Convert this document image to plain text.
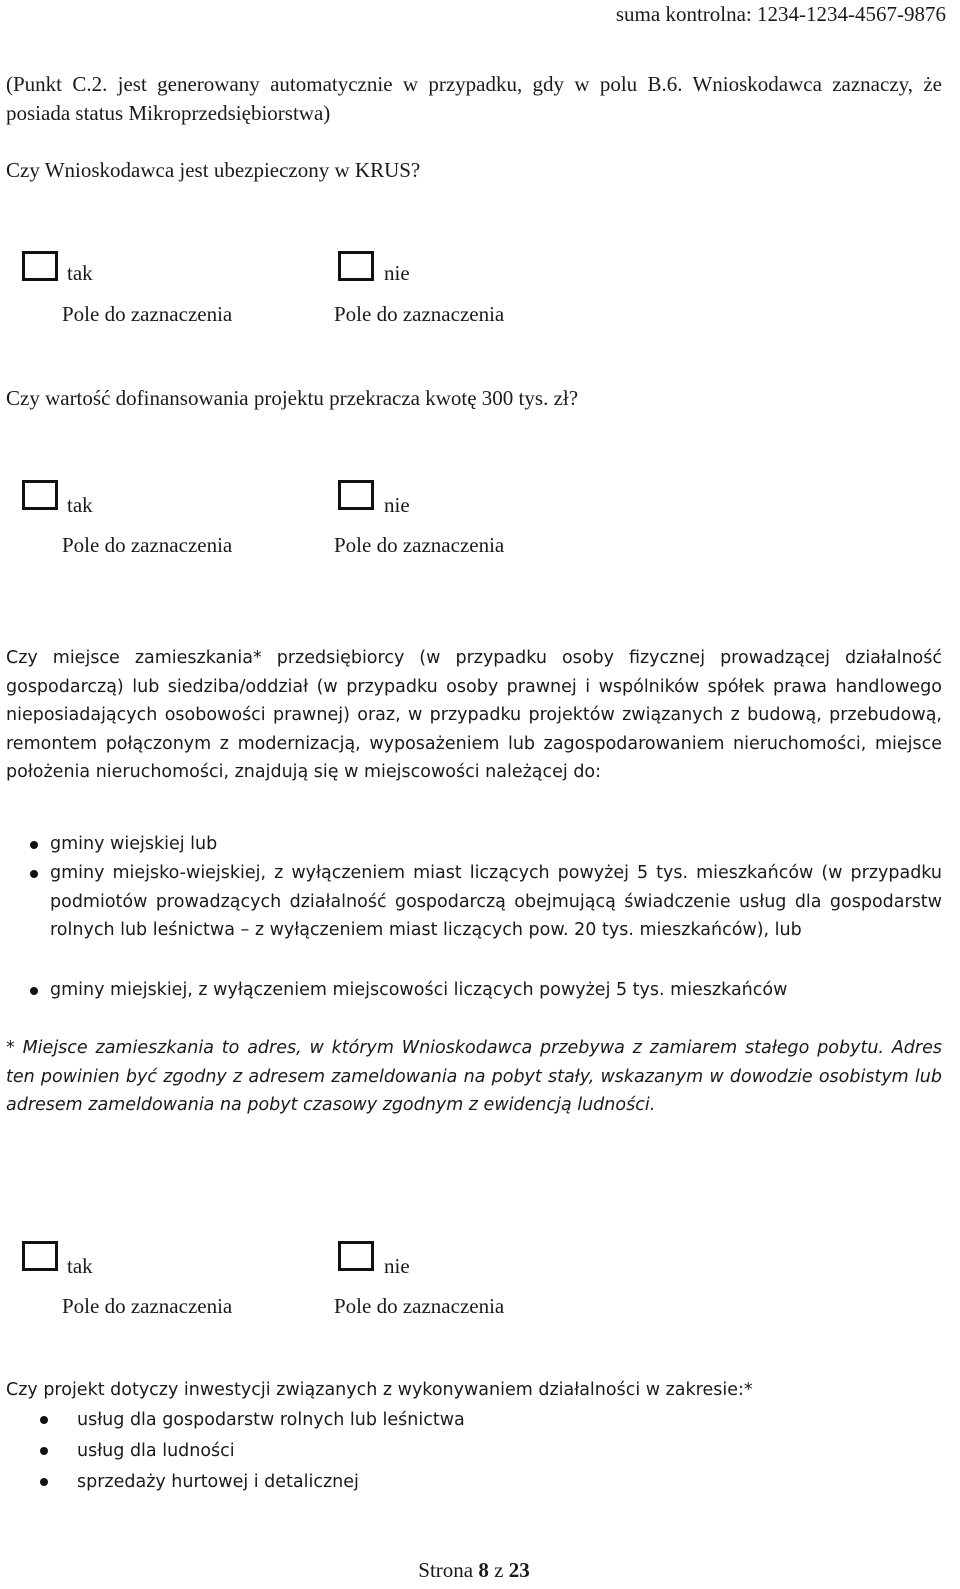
suma kontrolna: 1234-1234-4567-9876
(Punkt C.2. jest generowany automatycznie w przypadku, gdy w polu B.6. Wnioskodawca zaznaczy, że posiada status Mikroprzedsiębiorstwa)
Czy Wnioskodawca jest ubezpieczony w KRUS?
tak
Pole do zaznaczenia
nie
Pole do zaznaczenia
Czy wartość dofinansowania projektu przekracza kwotę 300 tys. zł?
tak
Pole do zaznaczenia
nie
Pole do zaznaczenia
Czy miejsce zamieszkania* przedsiębiorcy (w przypadku osoby fizycznej prowadzącej działalność gospodarczą) lub siedziba/oddział (w przypadku osoby prawnej i wspólników spółek prawa handlowego nieposiadających osobowości prawnej) oraz, w przypadku projektów związanych z budową, przebudową, remontem połączonym z modernizacją, wyposażeniem lub zagospodarowaniem nieruchomości, miejsce położenia nieruchomości, znajdują się w miejscowości należącej do:
gminy wiejskiej lub
gminy miejsko-wiejskiej, z wyłączeniem miast liczących powyżej 5 tys. mieszkańców (w przypadku podmiotów prowadzących działalność gospodarczą obejmującą świadczenie usług dla gospodarstw rolnych lub leśnictwa – z wyłączeniem miast liczących pow. 20 tys. mieszkańców), lub
gminy miejskiej, z wyłączeniem miejscowości liczących powyżej 5 tys. mieszkańców
* Miejsce zamieszkania to adres, w którym Wnioskodawca przebywa z zamiarem stałego pobytu. Adres ten powinien być zgodny z adresem zameldowania na pobyt stały, wskazanym w dowodzie osobistym lub adresem zameldowania na pobyt czasowy zgodnym z ewidencją ludności.
tak
Pole do zaznaczenia
nie
Pole do zaznaczenia
Czy projekt dotyczy inwestycji związanych z wykonywaniem działalności w zakresie:*
usług dla gospodarstw rolnych lub leśnictwa
usług dla ludności
sprzedaży hurtowej i detalicznej
Strona 8 z 23
